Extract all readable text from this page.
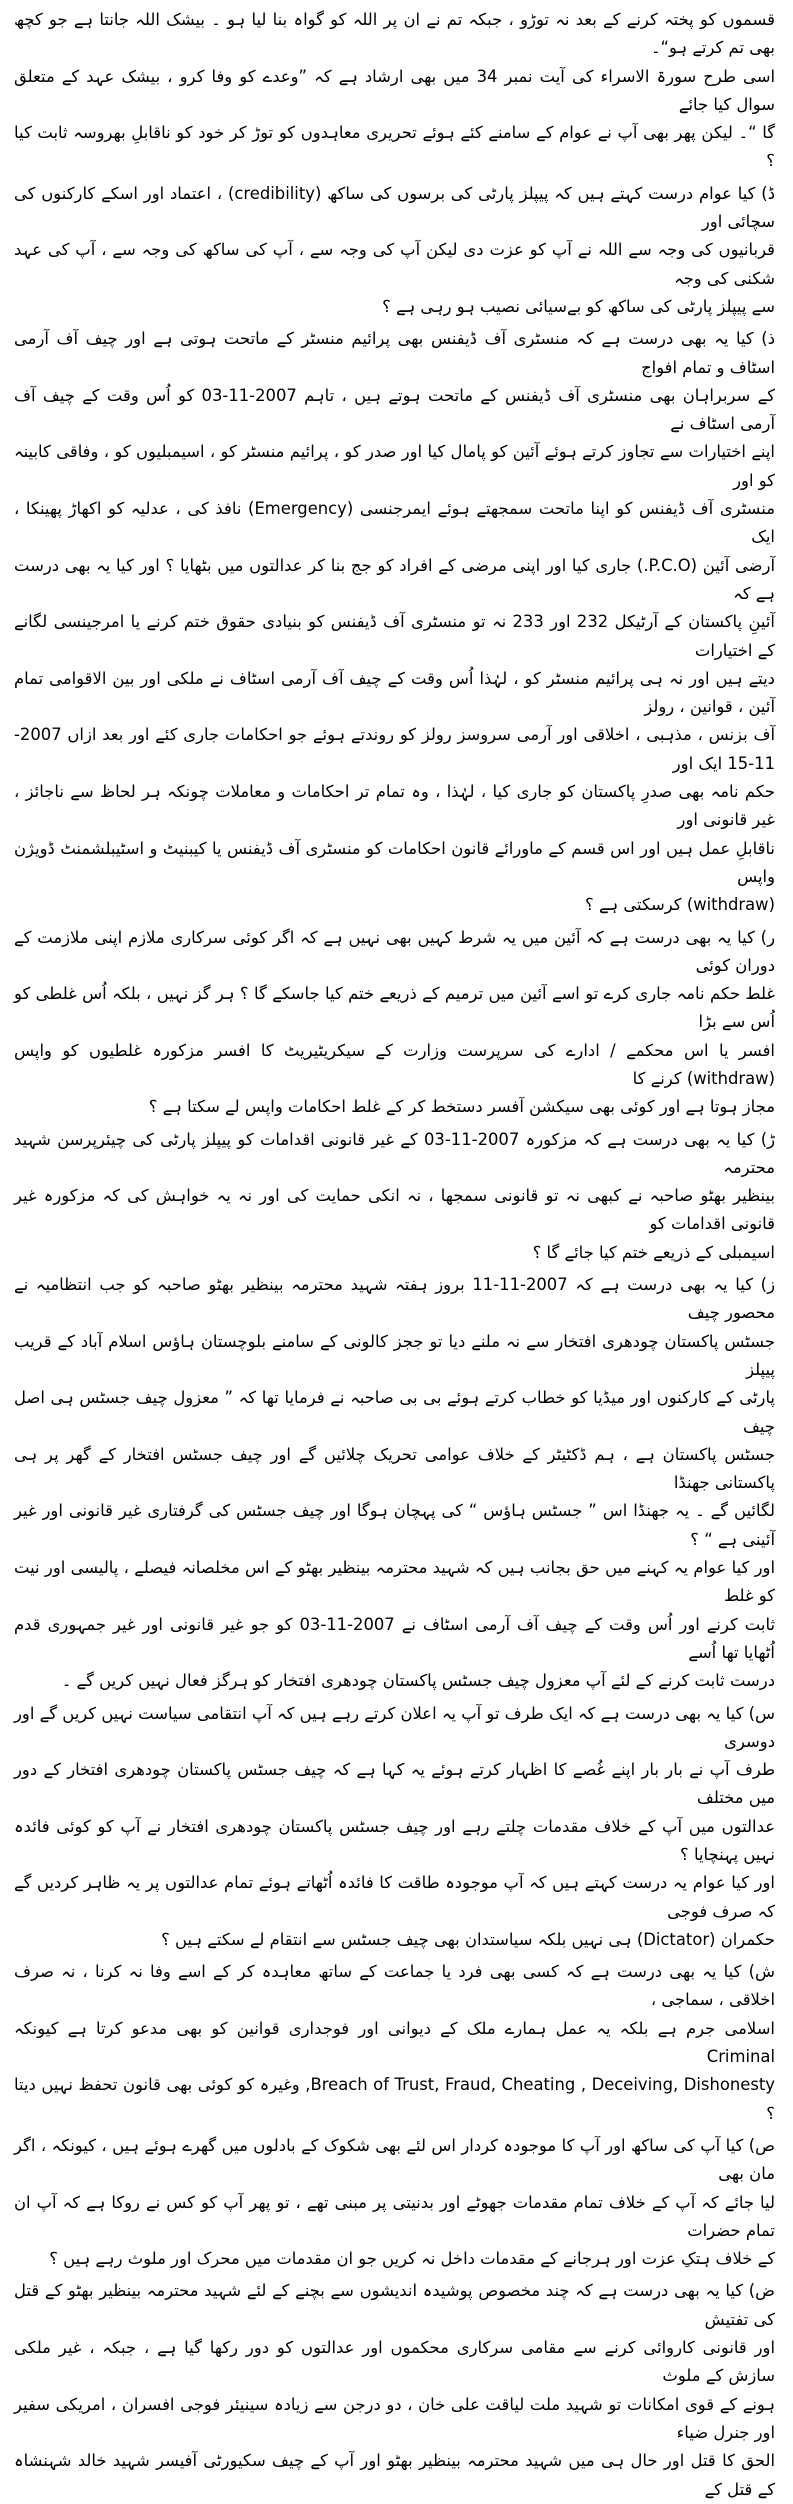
قسموں کو پختہ کرنے کے بعد نہ توڑو ، جبکہ تم نے ان پر اللہ کو گواہ بنا لیا ہو ۔ بیشک اللہ جانتا ہے جو کچھ بھی تم کرتے ہو“۔
اسی طرح سورۃ الاسراء کی آیت نمبر 34 میں بھی ارشاد ہے کہ ”وعدے کو وفا کرو ، بیشک عہد کے متعلق سوال کیا جائے
گا “۔ لیکن پھر بھی آپ نے عوام کے سامنے کئے ہوئے تحریری معاہدوں کو توڑ کر خود کو ناقابلِ بھروسہ ثابت کیا ؟

ڈ) کیا عوام درست کہتے ہیں کہ پیپلز پارٹی کی برسوں کی ساکھ (credibility) ، اعتماد اور اسکے کارکنوں کی سچائی اور
قربانیوں کی وجہ سے اللہ نے آپ کو عزت دی لیکن آپ کی وجہ سے ، آپ کی ساکھ کی وجہ سے ، آپ کی عہد شکنی کی وجہ
سے پیپلز پارٹی کی ساکھ کو بےسیائی نصیب ہو رہی ہے ؟

ذ) کیا یہ بھی درست ہے کہ منسٹری آف ڈیفنس بھی پرائیم منسٹر کے ماتحت ہوتی ہے اور چیف آف آرمی اسٹاف و تمام افواج
کے سربراہان بھی منسٹری آف ڈیفنس کے ماتحت ہوتے ہیں ، تاہم 2007-11-03 کو اُس وقت کے چیف آف آرمی اسٹاف نے
اپنے اختیارات سے تجاوز کرتے ہوئے آئین کو پامال کیا اور صدر کو ، پرائیم منسٹر کو ، اسیمبلیوں کو ، وفاقی کابینہ کو اور
منسٹری آف ڈیفنس کو اپنا ماتحت سمجھتے ہوئے ایمرجنسی (Emergency) نافذ کی ، عدلیہ کو اکھاڑ پھینکا ، ایک
آرضی آئین (P.C.O.) جاری کیا اور اپنی مرضی کے افراد کو جج بنا کر عدالتوں میں بٹھایا ؟ اور کیا یہ بھی درست ہے کہ
آئینِ پاکستان کے آرٹیکل 232 اور 233 نہ تو منسٹری آف ڈیفنس کو بنیادی حقوق ختم کرنے یا امرجینسی لگانے کے اختیارات
دیتے ہیں اور نہ ہی پرائیم منسٹر کو ، لہٰذا اُس وقت کے چیف آف آرمی اسٹاف نے ملکی اور بین الاقوامی تمام آئین ، قوانین ، رولز
آف بزنس ، مذہبی ، اخلاقی اور آرمی سروسز رولز کو روندتے ہوئے جو احکامات جاری کئے اور بعد ازاں 2007-11-15 ایک اور
حکم نامہ بھی صدرِ پاکستان کو جاری کیا ، لہٰذا ، وہ تمام تر احکامات و معاملات چونکہ ہر لحاظ سے ناجائز ، غیر قانونی اور
ناقابلِ عمل ہیں اور اس قسم کے ماورائے قانون احکامات کو منسٹری آف ڈیفنس یا کیبنیٹ و اسٹیبلشمنٹ ڈویژن واپس
(withdraw) کرسکتی ہے ؟

ر) کیا یہ بھی درست ہے کہ آئین میں یہ شرط کہیں بھی نہیں ہے کہ اگر کوئی سرکاری ملازم اپنی ملازمت کے دوران کوئی
غلط حکم نامہ جاری کرے تو اسے آئین میں ترمیم کے ذریعے ختم کیا جاسکے گا ؟ ہر گز نہیں ، بلکہ اُس غلطی کو اُس سے بڑا
افسر یا اس محکمے / ادارے کی سرپرست وزارت کے سیکریٹیریٹ کا افسر مزکورہ غلطیوں کو واپس (withdraw) کرنے کا
مجاز ہوتا ہے اور کوئی بھی سیکشن آفسر دستخط کر کے غلط احکامات واپس لے سکتا ہے ؟

ڑ) کیا یہ بھی درست ہے کہ مزکورہ 2007-11-03 کے غیر قانونی اقدامات کو پیپلز پارٹی کی چیئرپرسن شہید محترمہ
بینظیر بھٹو صاحبہ نے کبھی نہ تو قانونی سمجھا ، نہ انکی حمایت کی اور نہ یہ خواہش کی کہ مزکورہ غیر قانونی اقدامات کو
اسیمبلی کے ذریعے ختم کیا جائے گا ؟

ز) کیا یہ بھی درست ہے کہ 2007-11-11 بروز ہفتہ شہید محترمہ بینظیر بھٹو صاحبہ کو جب انتظامیہ نے محصور چیف
جسٹس پاکستان چودھری افتخار سے نہ ملنے دیا تو ججز کالونی کے سامنے بلوچستان ہاؤس اسلام آباد کے قریب پیپلز
پارٹی کے کارکنوں اور میڈیا کو خطاب کرتے ہوئے بی بی صاحبہ نے فرمایا تھا کہ ” معزول چیف جسٹس ہی اصل چیف
جسٹس پاکستان ہے ، ہم ڈکٹیٹر کے خلاف عوامی تحریک چلائیں گے اور چیف جسٹس افتخار کے گھر پر ہی پاکستانی جھنڈا
لگائیں گے ۔ یہ جھنڈا اس ” جسٹس ہاؤس “ کی پہچان ہوگا اور چیف جسٹس کی گرفتاری غیر قانونی اور غیر آئینی ہے “ ؟
اور کیا عوام یہ کہنے میں حق بجانب ہیں کہ شہید محترمہ بینظیر بھٹو کے اس مخلصانہ فیصلے ، پالیسی اور نیت کو غلط
ثابت کرنے اور اُس وقت کے چیف آف آرمی اسٹاف نے 2007-11-03 کو جو غیر قانونی اور غیر جمہوری قدم اُٹھایا تھا اُسے
درست ثابت کرنے کے لئے آپ معزول چیف جسٹس پاکستان چودھری افتخار کو ہرگز فعال نہیں کریں گے ۔

س) کیا یہ بھی درست ہے کہ ایک طرف تو آپ یہ اعلان کرتے رہے ہیں کہ آپ انتقامی سیاست نہیں کریں گے اور دوسری
طرف آپ نے بار بار اپنے غُصے کا اظہار کرتے ہوئے یہ کہا ہے کہ چیف جسٹس پاکستان چودھری افتخار کے دور میں مختلف
عدالتوں میں آپ کے خلاف مقدمات چلتے رہے اور چیف جسٹس پاکستان چودھری افتخار نے آپ کو کوئی فائدہ نہیں پہنچایا ؟
اور کیا عوام یہ درست کہتے ہیں کہ آپ موجودہ طاقت کا فائدہ اُٹھاتے ہوئے تمام عدالتوں پر یہ ظاہر کردیں گے کہ صرف فوجی
حکمران (Dictator) ہی نہیں بلکہ سیاستدان بھی چیف جسٹس سے انتقام لے سکتے ہیں ؟

ش) کیا یہ بھی درست ہے کہ کسی بھی فرد یا جماعت کے ساتھ معاہدہ کر کے اسے وفا نہ کرنا ، نہ صرف اخلاقی ، سماجی ،
اسلامی جرم ہے بلکہ یہ عمل ہمارے ملک کے دیوانی اور فوجداری قوانین کو بھی مدعو کرتا ہے کیونکہ Criminal
Breach of Trust, Fraud, Cheating , Deceiving, Dishonesty, وغیرہ کو کوئی بھی قانون تحفظ نہیں دیتا ؟

ص) کیا آپ کی ساکھ اور آپ کا موجودہ کردار اس لئے بھی شکوک کے بادلوں میں گھرے ہوئے ہیں ، کیونکہ ، اگر مان بھی
لیا جائے کہ آپ کے خلاف تمام مقدمات جھوٹے اور بدنیتی پر مبنی تھے ، تو پھر آپ کو کس نے روکا ہے کہ آپ ان تمام حضرات
کے خلاف ہتکِ عزت اور ہرجانے کے مقدمات داخل نہ کریں جو ان مقدمات میں محرک اور ملوث رہے ہیں ؟

ض) کیا یہ بھی درست ہے کہ چند مخصوص پوشیدہ اندیشوں سے بچنے کے لئے شہید محترمہ بینظیر بھٹو کے قتل کی تفتیش
اور قانونی کاروائی کرنے سے مقامی سرکاری محکموں اور عدالتوں کو دور رکھا گیا ہے ، جبکہ ، غیر ملکی سازش کے ملوث
ہونے کے قوی امکانات تو شہید ملت لیاقت علی خان ، دو درجن سے زیادہ سینیئر فوجی افسران ، امریکی سفیر اور جنرل ضیاء
الحق کا قتل اور حال ہی میں شہید محترمہ بینظیر بھٹو اور آپ کے چیف سکیورٹی آفیسر شہید خالد شہنشاہ کے قتل کے
